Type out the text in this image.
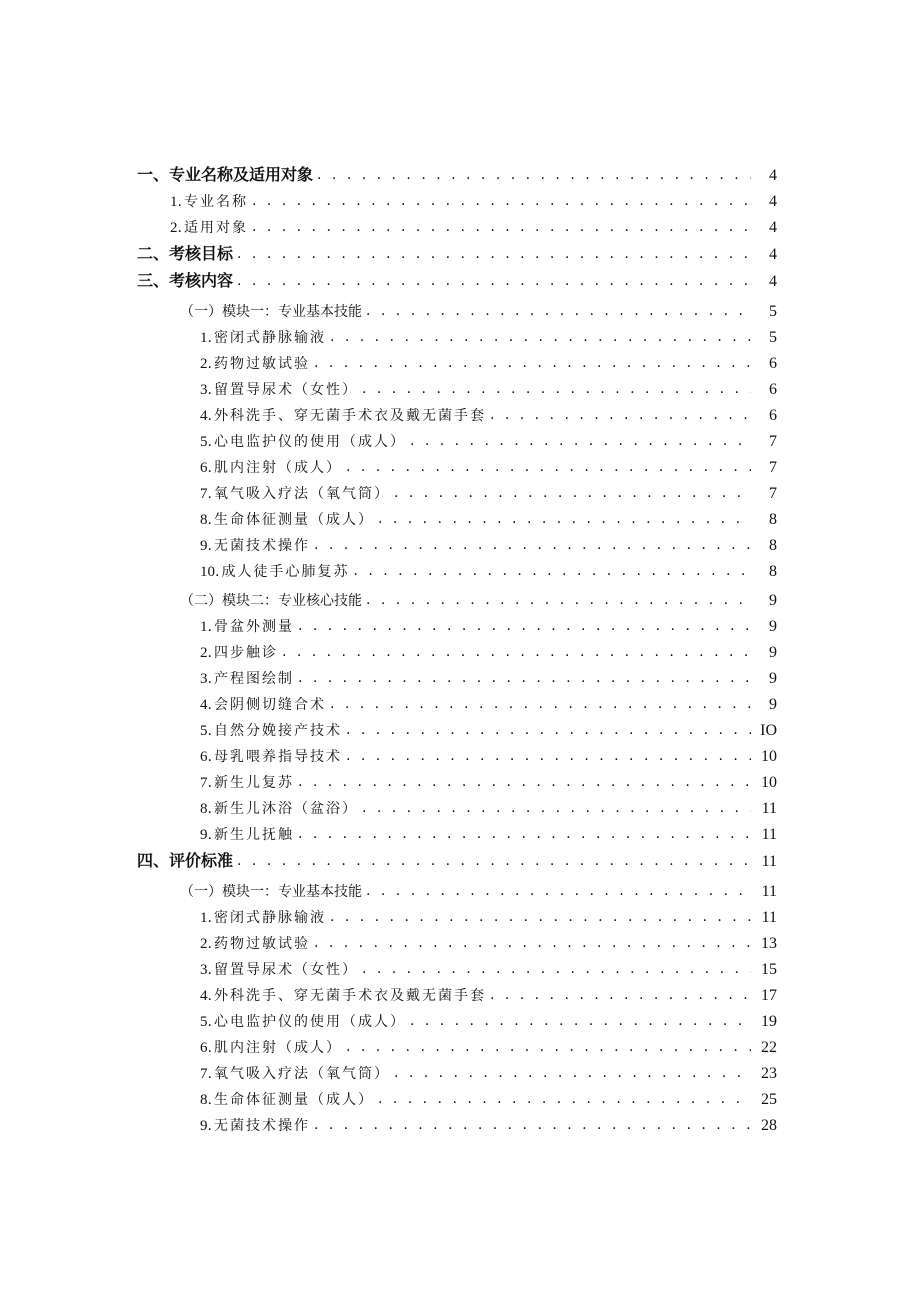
一、专业名称及适用对象 . . .	4
1 .专业名称 . . .	4
2 .适用对象 . . .	4
二、考核目标 . . .	4
三、考核内容 . . .	4
（一）模块一：专业基本技能 . . .	5
1 .密闭式静脉输液 . . .	5
2 .药物过敏试验 . . .	6
3 .留置导尿术（女性） . . .	6
4 .外科洗手、穿无菌手术衣及戴无菌手套 . . .	6
5 .心电监护仪的使用（成人） . . .	7
6 .肌内注射（成人） . . .	7
7 .氧气吸入疗法（氧气筒） . . .	7
8 .生命体征测量（成人） . . .	8
9 .无菌技术操作 . . .	8
10 .成人徒手心肺复苏 . . .	8
（二）模块二：专业核心技能 . . .	9
1 .骨盆外测量 . . .	9
2 .四步触诊 . . .	9
3 .产程图绘制 . . .	9
4 .会阴侧切缝合术 . . .	9
5 .自然分娩接产技术 . . .	IO
6 .母乳喂养指导技术 . . .	10
7 .新生儿复苏 . . .	10
8 .新生儿沐浴（盆浴） . . .	11
9 .新生儿抚触 . . .	11
四、评价标准 . . .	11
（一）模块一：专业基本技能 . . .	11
1 .密闭式静脉输液 . . .	11
2 .药物过敏试验 . . .	13
3 .留置导尿术（女性） . . .	15
4 .外科洗手、穿无菌手术衣及戴无菌手套 . . .	17
5 .心电监护仪的使用（成人） . . .	19
6 .肌内注射（成人） . . .	22
7 .氧气吸入疗法（氧气筒） . . .	23
8 .生命体征测量（成人） . . .	25
9 .无菌技术操作 . . .	28
